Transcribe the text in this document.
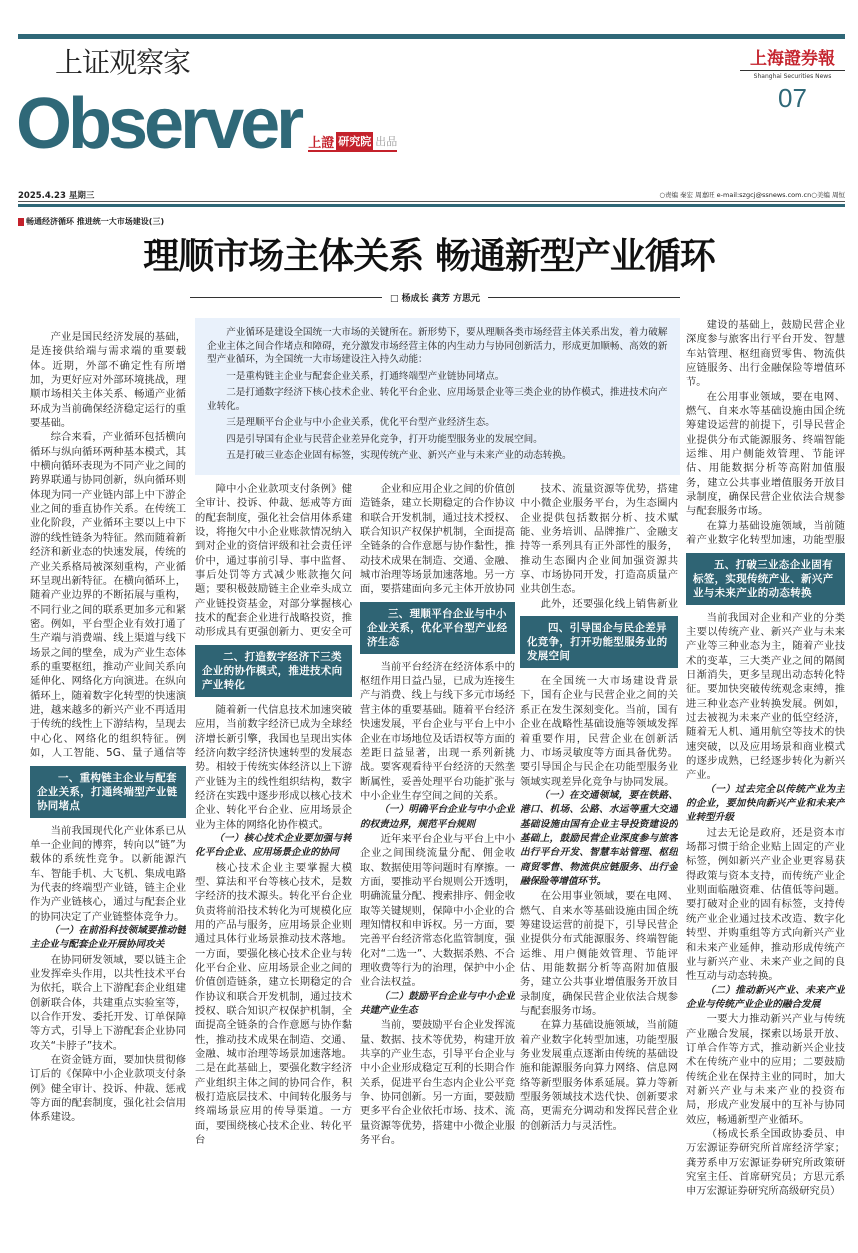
上证观察家
Observer 上證 研究院 出品
上海證券報
Shanghai Securities News
07
2025.4.23 星期三	○责编 秦宏 周嘉旺 e-mail:szgcj@ssnews.com.cn○美编 周恒
畅通经济循环 推进统一大市场建设(三)
理顺市场主体关系 畅通新型产业循环
□ 杨成长 龚芳 方思元

产业循环是建设全国统一大市场的关键所在。新形势下，要从理顺各类市场经营主体关系出发，着力破解企业主体之间合作堵点和障碍，充分激发市场经营主体的内生动力与协同创新活力，形成更加顺畅、高效的新型产业循环，为全国统一大市场建设注入持久动能：

一是重构链主企业与配套企业关系，打通终端型产业链协同堵点。

二是打通数字经济下核心技术企业、转化平台企业、应用场景企业等三类企业的协作模式，推进技术向产业转化。

三是理顺平台企业与中小企业关系，优化平台型产业经济生态。

四是引导国有企业与民营企业差异化竞争，打开功能型服务业的发展空间。

五是打破三业态企业固有标签，实现传统产业、新兴产业与未来产业的动态转换。

产业是国民经济发展的基础，是连接供给端与需求端的重要载体。近期，外部不确定性有所增加，为更好应对外部环境挑战，理顺市场相关主体关系、畅通产业循环成为当前确保经济稳定运行的重要基础。

综合来看，产业循环包括横向循环与纵向循环两种基本模式，其中横向循环表现为不同产业之间的跨界联通与协同创新，纵向循环则体现为同一产业链内部上中下游企业之间的垂直协作关系。在传统工业化阶段，产业循环主要以上中下游的线性链条为特征。然而随着新经济和新业态的快速发展，传统的产业关系格局被深刻重构，产业循环呈现出新特征。在横向循环上，随着产业边界的不断拓展与重构，不同行业之间的联系更加多元和紧密。例如，平台型企业有效打通了生产端与消费端、线上渠道与线下场景之间的壁垒，成为产业生态体系的重要枢纽，推动产业间关系向延伸化、网络化方向演进。在纵向循环上，随着数字化转型的快速演进，越来越多的新兴产业不再适用于传统的线性上下游结构，呈现去中心化、网络化的组织特征。例如，人工智能、5G、量子通信等

一、重构链主企业与配套企业关系，打通终端型产业链协同堵点

当前我国现代化产业体系已从单一企业间的博弈，转向以“链”为载体的系统性竞争。以新能源汽车、智能手机、大飞机、集成电路为代表的终端型产业链，链主企业作为产业链核心，通过与配套企业的协同决定了产业链整体竞争力。

（一）在前沿科技领域要推动链主企业与配套企业开展协同攻关

在协同研发领域，要以链主企业发挥牵头作用，以共性技术平台为依托，联合上下游配套企业组建创新联合体，共建重点实验室等，以合作开发、委托开发、订单保障等方式，引导上下游配套企业协同攻关“卡脖子”技术。

在资金链方面，要加快贯彻修订后的《保障中小企业款项支付条例》健全审计、投诉、仲裁、惩戒等方面的配套制度，强化社会信用体系建设。

障中小企业款项支付条例》健全审计、投诉、仲裁、惩戒等方面的配套制度，强化社会信用体系建设，将拖欠中小企业账款情况纳入到对企业的资信评级和社会责任评价中，通过事前引导、事中监督、事后处罚等方式减少账款拖欠问题；要积极鼓励链主企业牵头成立产业链投资基金，对部分掌握核心技术的配套企业进行战略投资，推动形成具有更强创新力、更安全可

二、打造数字经济下三类企业的协作模式，推进技术向产业转化

随着新一代信息技术加速突破应用，当前数字经济已成为全球经济增长新引擎，我国也呈现出实体经济向数字经济快速转型的发展态势。相较于传统实体经济以上下游产业链为主的线性组织结构，数字经济在实践中逐步形成以核心技术企业、转化平台企业、应用场景企业为主体的网络化协作模式。

（一）核心技术企业要加强与转化平台企业、应用场景企业的协同

核心技术企业主要掌握大模型、算法和平台等核心技术，是数字经济的技术源头。转化平台企业负责将前沿技术转化为可规模化应用的产品与服务，应用场景企业则通过具体行业场景推动技术落地。一方面，要强化核心技术企业与转化平台企业、应用场景企业之间的价值创造链条，建立长期稳定的合作协议和联合开发机制，通过技术授权、联合知识产权保护机制，全面提高全链条的合作意愿与协作黏性，推动技术成果在制造、交通、金融、城市治理等场景加速落地。二是在此基础上，要强化数字经济产业组织主体之间的协同合作，积极打造底层技术、中间转化服务与终端场景应用的传导渠道。一方面，要围绕核心技术企业、转化平台

企业和应用企业之间的价值创造链条，建立长期稳定的合作协议和联合开发机制，通过技术授权、联合知识产权保护机制，全面提高全链条的合作意愿与协作黏性，推动技术成果在制造、交通、金融、城市治理等场景加速落地。另一方面，要搭建面向多元主体开放协同

三、理顺平台企业与中小企业关系，优化平台型产业经济生态

当前平台经济在经济体系中的枢纽作用日益凸显，已成为连接生产与消费、线上与线下多元市场经营主体的重要基础。随着平台经济快速发展，平台企业与平台上中小企业在市场地位及话语权等方面的差距日益显著，出现一系列新挑战。要客观看待平台经济的天然垄断属性，妥善处理平台功能扩张与中小企业生存空间之间的关系。

（一）明确平台企业与中小企业的权责边界，规范平台规则

近年来平台企业与平台上中小企业之间围绕流量分配、佣金收取、数据使用等问题时有摩擦。一方面，要推动平台规则公开透明，明确流量分配、搜索排序、佣金收取等关键规则，保障中小企业的合理知情权和申诉权。另一方面，要完善平台经济常态化监管制度，强化对“二选一”、大数据杀熟、不合理收费等行为的治理，保护中小企业合法权益。

（二）鼓励平台企业与中小企业共建产业生态

当前，要鼓励平台企业发挥流量、数据、技术等优势，构建开放共享的产业生态，引导平台企业与中小企业形成稳定互利的长期合作关系，促进平台生态内企业公平竞争、协同创新。另一方面，要鼓励更多平台企业依托市场、技术、流量资源等优势，搭建中小微企业服务平台。

技术、流量资源等优势，搭建中小微企业服务平台，为生态圈内企业提供包括数据分析、技术赋能、业务培训、品牌推广、金融支持等一系列具有正外部性的服务，推动生态圈内企业间加强资源共享、市场协同开发，打造高质量产业共创生态。

此外，还要强化线上销售新业

四、引导国企与民企差异化竞争，打开功能型服务业的发展空间

在全国统一大市场建设背景下，国有企业与民营企业之间的关系正在发生深刻变化。当前，国有企业在战略性基础设施等领域发挥着重要作用，民营企业在创新活力、市场灵敏度等方面具备优势。要引导国企与民企在功能型服务业领域实现差异化竞争与协同发展。

（一）在交通领域，要在铁路、港口、机场、公路、水运等重大交通基础设施由国有企业主导投资建设的基础上，鼓励民营企业深度参与旅客出行平台开发、智慧车站管理、枢纽商贸零售、物流供应链服务、出行金融保险等增值环节。

在公用事业领域，要在电网、燃气、自来水等基础设施由国企统筹建设运营的前提下，引导民营企业提供分布式能源服务、终端智能运维、用户侧能效管理、节能评估、用能数据分析等高附加值服务，建立公共事业增值服务开放目录制度，确保民营企业依法合规参与配套服务市场。

在算力基础设施领域，当前随着产业数字化转型加速，功能型服务业发展重点逐渐由传统的基础设施和能源服务向算力网络、信息网络等新型服务体系延展。算力等新型服务领域技术迭代快、创新要求高，更需充分调动和发挥民营企业的创新活力与灵活性。

建设的基础上，鼓励民营企业深度参与旅客出行平台开发、智慧车站管理、枢纽商贸零售、物流供应链服务、出行金融保险等增值环节。

在公用事业领域，要在电网、燃气、自来水等基础设施由国企统筹建设运营的前提下，引导民营企业提供分布式能源服务、终端智能运维、用户侧能效管理、节能评估、用能数据分析等高附加值服务，建立公共事业增值服务开放目录制度，确保民营企业依法合规参与配套服务市场。

在算力基础设施领域，当前随着产业数字化转型加速，功能型服

五、打破三业态企业固有标签，实现传统产业、新兴产业与未来产业的动态转换

当前我国对企业和产业的分类主要以传统产业、新兴产业与未来产业等三种业态为主，随着产业技术的变革，三大类产业之间的隔阂日渐消失，更多呈现出动态转化特征。要加快突破传统观念束缚，推进三种业态产业转换发展。例如，过去被视为未来产业的低空经济，随着无人机、通用航空等技术的快速突破，以及应用场景和商业模式的逐步成熟，已经逐步转化为新兴产业。

（一）过去完全以传统产业为主的企业，要加快向新兴产业和未来产业转型升级

过去无论是政府，还是资本市场都习惯于给企业贴上固定的产业标签，例如新兴产业企业更容易获得政策与资本支持，而传统产业企业则面临融资难、估值低等问题。要打破对企业的固有标签，支持传统产业企业通过技术改造、数字化转型、并购重组等方式向新兴产业和未来产业延伸，推动形成传统产业与新兴产业、未来产业之间的良性互动与动态转换。

（二）推动新兴产业、未来产业企业与传统产业企业的融合发展

一要大力推动新兴产业与传统产业融合发展，探索以场景开放、订单合作等方式，推动新兴企业技术在传统产业中的应用；二要鼓励传统企业在保持主业的同时，加大对新兴产业与未来产业的投资布局，形成产业发展中的互补与协同效应，畅通新型产业循环。

（杨成长系全国政协委员、申万宏源证券研究所首席经济学家；龚芳系申万宏源证券研究所政策研究室主任、首席研究员；方思元系申万宏源证券研究所高级研究员）
